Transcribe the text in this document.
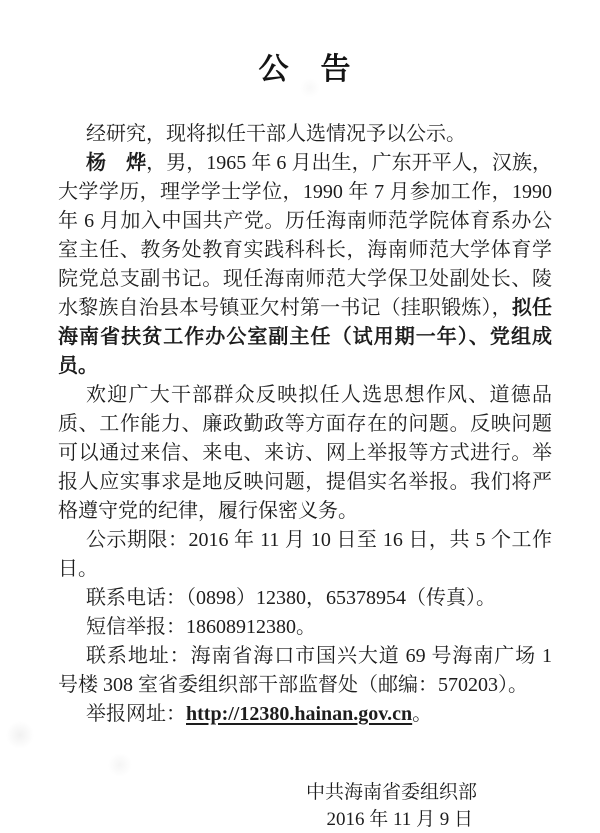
公　告

经研究，现将拟任干部人选情况予以公示。

杨　烨，男，1965 年 6 月出生，广东开平人，汉族，大学学历，理学学士学位，1990 年 7 月参加工作，1990 年 6 月加入中国共产党。历任海南师范学院体育系办公室主任、教务处教育实践科科长，海南师范大学体育学院党总支副书记。现任海南师范大学保卫处副处长、陵水黎族自治县本号镇亚欠村第一书记（挂职锻炼），拟任海南省扶贫工作办公室副主任（试用期一年）、党组成员。

欢迎广大干部群众反映拟任人选思想作风、道德品质、工作能力、廉政勤政等方面存在的问题。反映问题可以通过来信、来电、来访、网上举报等方式进行。举报人应实事求是地反映问题，提倡实名举报。我们将严格遵守党的纪律，履行保密义务。

公示期限：2016 年 11 月 10 日至 16 日，共 5 个工作日。

联系电话：（0898）12380，65378954（传真）。

短信举报：18608912380。

联系地址：海南省海口市国兴大道 69 号海南广场 1 号楼 308 室省委组织部干部监督处（邮编：570203）。

举报网址：http://12380.hainan.gov.cn。

中共海南省委组织部
2016 年 11 月 9 日
